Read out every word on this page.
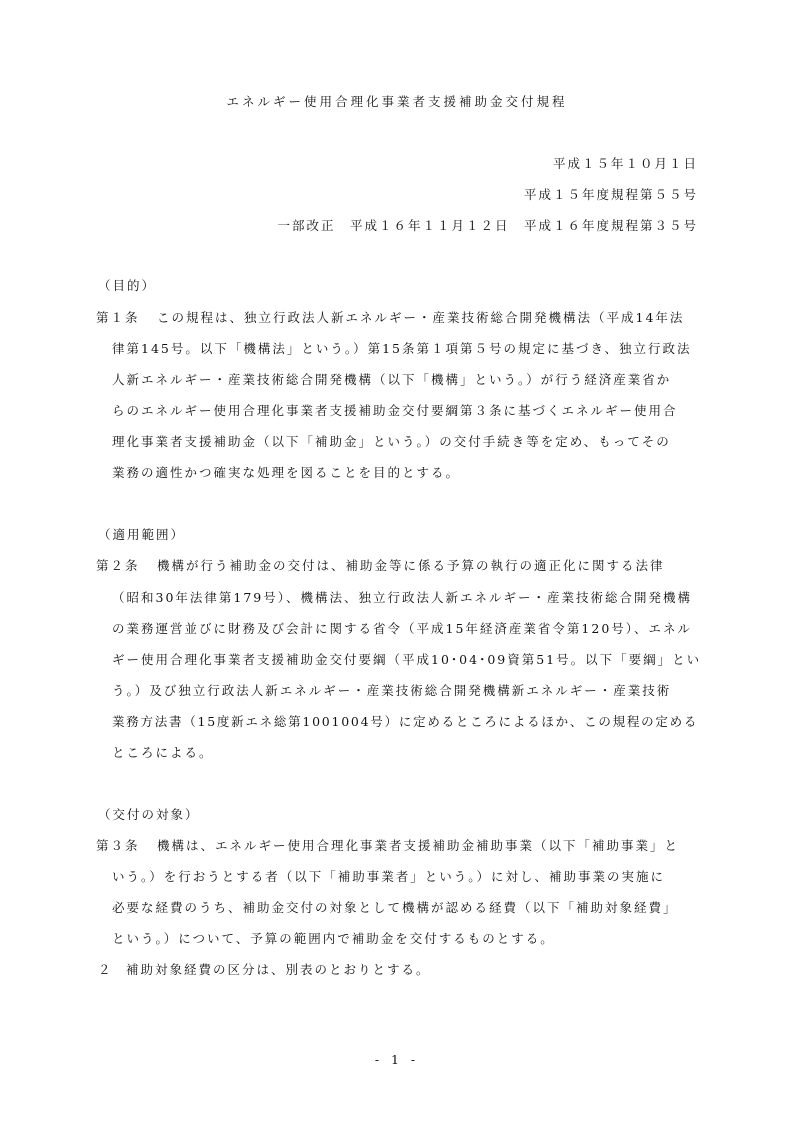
エネルギー使用合理化事業者支援補助金交付規程
平成１５年１０月１日
平成１５年度規程第５５号
一部改正　平成１６年１１月１２日　平成１６年度規程第３５号
（目的）
第１条 この規程は、独立行政法人新エネルギー・産業技術総合開発機構法（平成14年法
律第145号。以下「機構法」という。）第15条第１項第５号の規定に基づき、独立行政法
人新エネルギー・産業技術総合開発機構（以下「機構」という。）が行う経済産業省か
らのエネルギー使用合理化事業者支援補助金交付要綱第３条に基づくエネルギー使用合
理化事業者支援補助金（以下「補助金」という。）の交付手続き等を定め、もってその
業務の適性かつ確実な処理を図ることを目的とする。
（適用範囲）
第２条 機構が行う補助金の交付は、補助金等に係る予算の執行の適正化に関する法律
（昭和30年法律第179号）、機構法、独立行政法人新エネルギー・産業技術総合開発機構
の業務運営並びに財務及び会計に関する省令（平成15年経済産業省令第120号）、エネル
ギー使用合理化事業者支援補助金交付要綱（平成10･04･09資第51号。以下「要綱」とい
う。）及び独立行政法人新エネルギー・産業技術総合開発機構新エネルギー・産業技術
業務方法書（15度新エネ総第1001004号）に定めるところによるほか、この規程の定める
ところによる。
（交付の対象）
第３条 機構は、エネルギー使用合理化事業者支援補助金補助事業（以下「補助事業」と
いう。）を行おうとする者（以下「補助事業者」という。）に対し、補助事業の実施に
必要な経費のうち、補助金交付の対象として機構が認める経費（以下「補助対象経費」
という。）について、予算の範囲内で補助金を交付するものとする。
２ 補助対象経費の区分は、別表のとおりとする。
- 1 -
